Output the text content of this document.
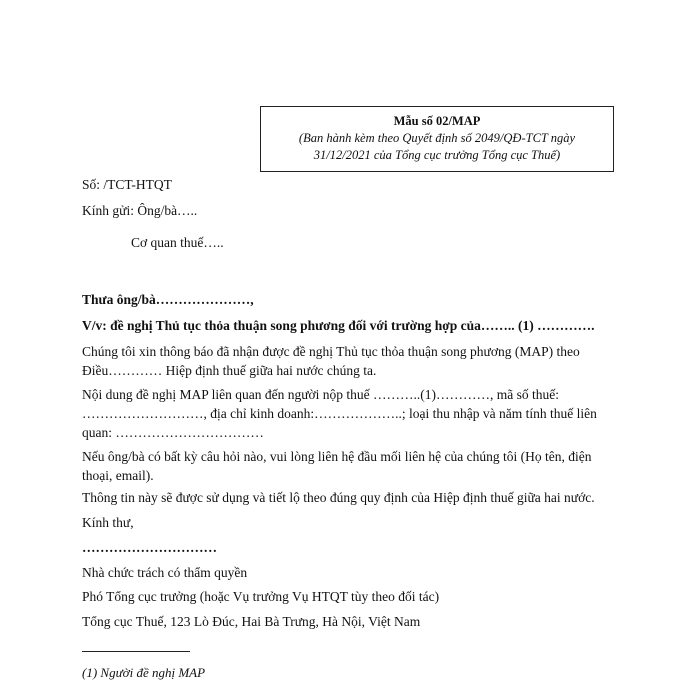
Mẫu số 02/MAP
(Ban hành kèm theo Quyết định số 2049/QĐ-TCT ngày
31/12/2021 của Tổng cục trưởng Tổng cục Thuế)
Số: /TCT-HTQT
Kính gửi: Ông/bà…..
Cơ quan thuế…..
Thưa ông/bà…………………,
V/v: đề nghị Thủ tục thỏa thuận song phương đối với trường hợp của…….. (1) ………….
Chúng tôi xin thông báo đã nhận được đề nghị Thủ tục thỏa thuận song phương (MAP) theo
Điều………… Hiệp định thuế giữa hai nước chúng ta.
Nội dung đề nghị MAP liên quan đến người nộp thuế ………..(1)…………, mã số thuế:
………………………, địa chỉ kinh doanh:………………..; loại thu nhập và năm tính thuế liên
quan: ……………………………
Nếu ông/bà có bất kỳ câu hỏi nào, vui lòng liên hệ đầu mối liên hệ của chúng tôi (Họ tên, điện
thoại, email).
Thông tin này sẽ được sử dụng và tiết lộ theo đúng quy định của Hiệp định thuế giữa hai nước.
Kính thư,
…………………………
Nhà chức trách có thẩm quyền
Phó Tổng cục trưởng (hoặc Vụ trưởng Vụ HTQT tùy theo đối tác)
Tổng cục Thuế, 123 Lò Đúc, Hai Bà Trưng, Hà Nội, Việt Nam
(1) Người đề nghị MAP
